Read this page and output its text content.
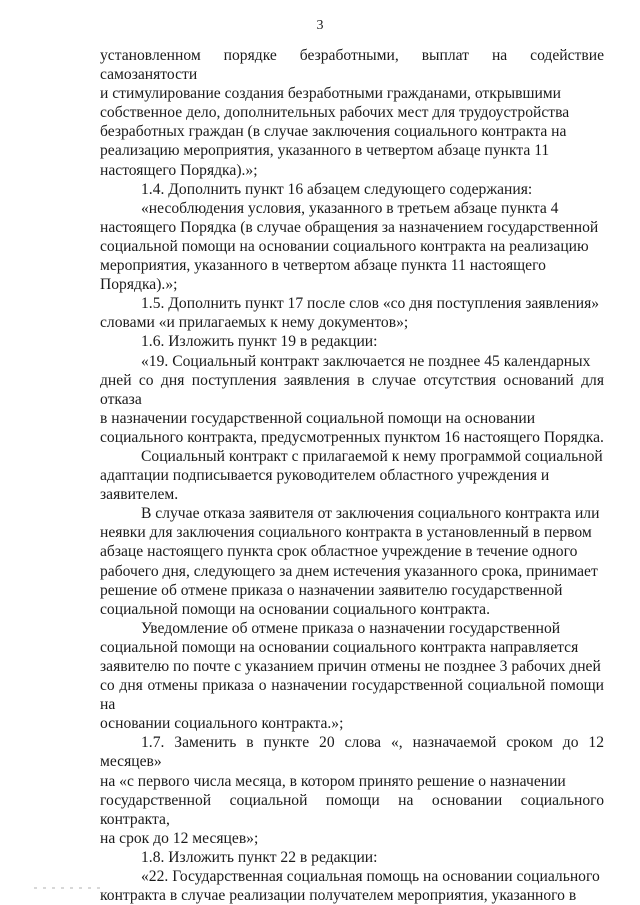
3

установленном порядке безработными, выплат на содействие самозанятости
и стимулирование создания безработными гражданами, открывшими
собственное дело, дополнительных рабочих мест для трудоустройства
безработных граждан (в случае заключения социального контракта на
реализацию мероприятия, указанного в четвертом абзаце пункта 11
настоящего Порядка).»;

1.4. Дополнить пункт 16 абзацем следующего содержания:

«несоблюдения условия, указанного в третьем абзаце пункта 4
настоящего Порядка (в случае обращения за назначением государственной
социальной помощи на основании социального контракта на реализацию
мероприятия, указанного в четвертом абзаце пункта 11 настоящего
Порядка).»;

1.5. Дополнить пункт 17 после слов «со дня поступления заявления»
словами «и прилагаемых к нему документов»;

1.6. Изложить пункт 19 в редакции:

«19. Социальный контракт заключается не позднее 45 календарных
дней со дня поступления заявления в случае отсутствия оснований для отказа
в назначении государственной социальной помощи на основании
социального контракта, предусмотренных пунктом 16 настоящего Порядка.

Социальный контракт с прилагаемой к нему программой социальной
адаптации подписывается руководителем областного учреждения и
заявителем.

В случае отказа заявителя от заключения социального контракта или
неявки для заключения социального контракта в установленный в первом
абзаце настоящего пункта срок областное учреждение в течение одного
рабочего дня, следующего за днем истечения указанного срока, принимает
решение об отмене приказа о назначении заявителю государственной
социальной помощи на основании социального контракта.

Уведомление об отмене приказа о назначении государственной
социальной помощи на основании социального контракта направляется
заявителю по почте с указанием причин отмены не позднее 3 рабочих дней
со дня отмены приказа о назначении государственной социальной помощи на
основании социального контракта.»;

1.7. Заменить в пункте 20 слова «, назначаемой сроком до 12 месяцев»
на «с первого числа месяца, в котором принято решение о назначении
государственной социальной помощи на основании социального контракта,
на срок до 12 месяцев»;

1.8. Изложить пункт 22 в редакции:

«22. Государственная социальная помощь на основании социального
контракта в случае реализации получателем мероприятия, указанного в
